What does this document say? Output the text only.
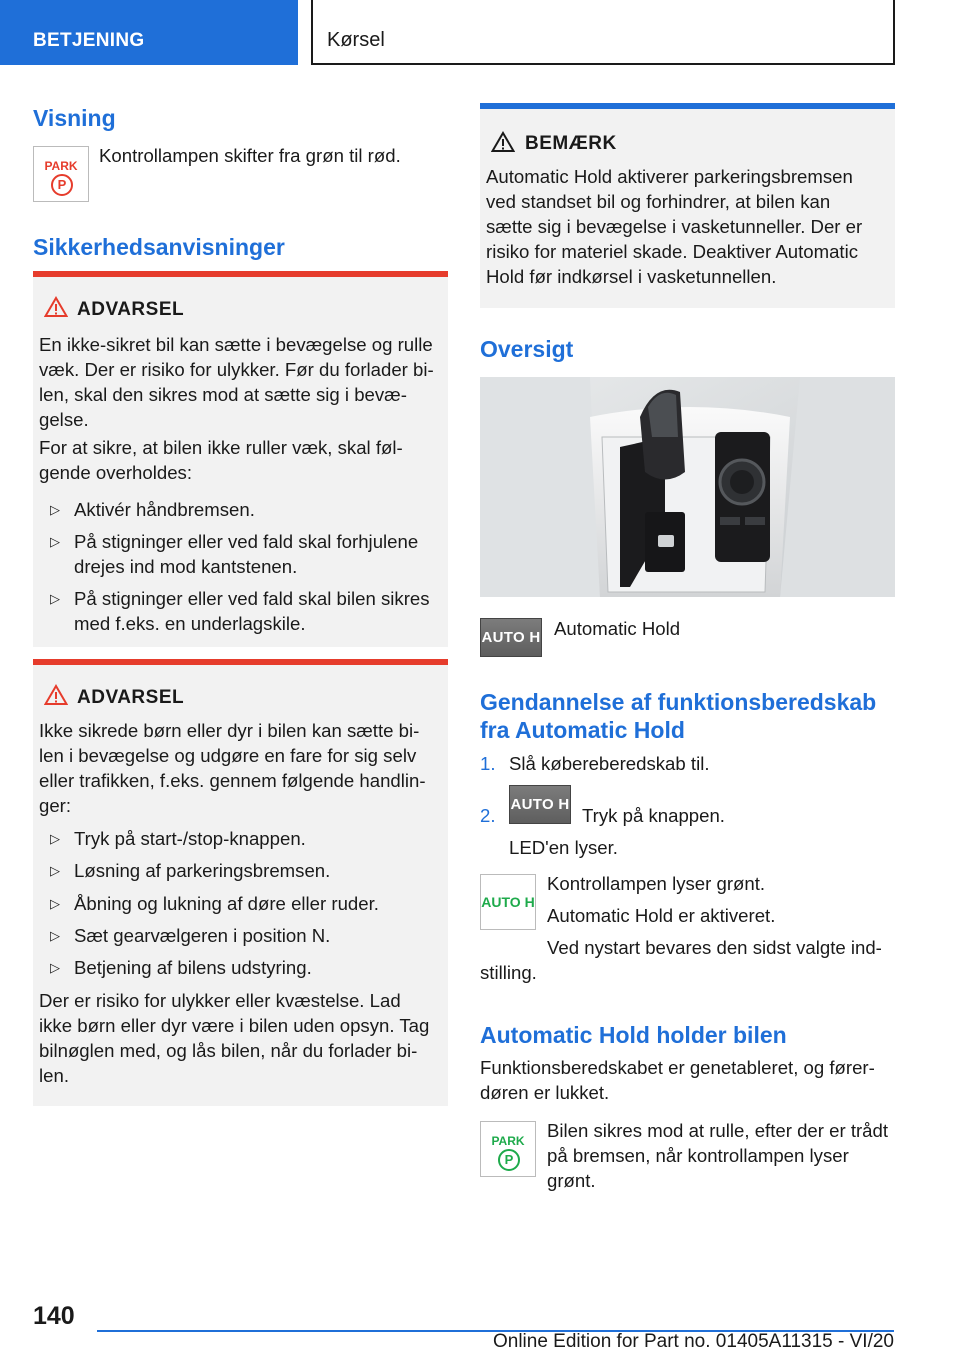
BETJENING	Kørsel
Visning
PARK
P
Kontrollampen skifter fra grøn til rød.
Sikkerhedsanvisninger
ADVARSEL
En ikke-sikret bil kan sætte i bevægelse og rulle
væk. Der er risiko for ulykker. Før du forlader bi-
len, skal den sikres mod at sætte sig i bevæ-
gelse.
For at sikre, at bilen ikke ruller væk, skal føl-
gende overholdes:
▷ Aktivér håndbremsen.
▷ På stigninger eller ved fald skal forhjulene
drejes ind mod kantstenen.
▷ På stigninger eller ved fald skal bilen sikres
med f.eks. en underlagskile.
ADVARSEL
Ikke sikrede børn eller dyr i bilen kan sætte bi-
len i bevægelse og udgøre en fare for sig selv
eller trafikken, f.eks. gennem følgende handlin-
ger:
▷ Tryk på start-/stop-knappen.
▷ Løsning af parkeringsbremsen.
▷ Åbning og lukning af døre eller ruder.
▷ Sæt gearvælgeren i position N.
▷ Betjening af bilens udstyring.
Der er risiko for ulykker eller kvæstelse. Lad
ikke børn eller dyr være i bilen uden opsyn. Tag
bilnøglen med, og lås bilen, når du forlader bi-
len.
BEMÆRK
Automatic Hold aktiverer parkeringsbremsen
ved standset bil og forhindrer, at bilen kan
sætte sig i bevægelse i vasketunneller. Der er
risiko for materiel skade. Deaktiver Automatic
Hold før indkørsel i vasketunnellen.
Oversigt
AUTO H Automatic Hold
Gendannelse af funktionsberedskab
fra Automatic Hold
1. Slå købereberedskab til.
2.
AUTO H
Tryk på knappen.
LED'en lyser.
AUTO H
Kontrollampen lyser grønt.
Automatic Hold er aktiveret.
Ved nystart bevares den sidst valgte ind-
stilling.
Automatic Hold holder bilen
Funktionsberedskabet er genetableret, og fører-
døren er lukket.
PARK
P
Bilen sikres mod at rulle, efter der er trådt
på bremsen, når kontrollampen lyser
grønt.
140
Online Edition for Part no. 01405A11315 - VI/20
